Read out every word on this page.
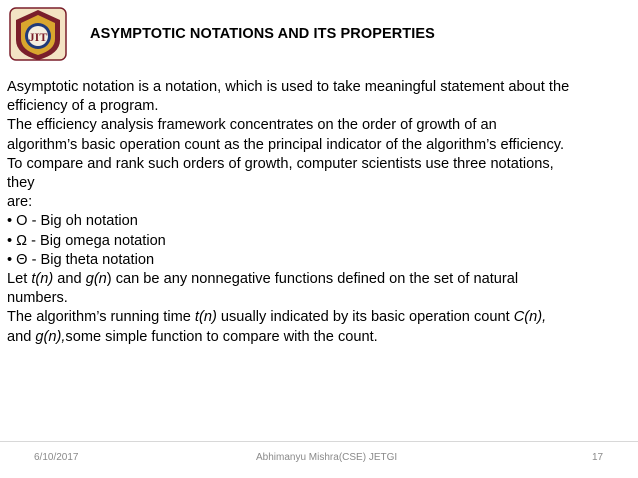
JIT	ASYMPTOTIC NOTATIONS AND ITS PROPERTIES

Asymptotic notation is a notation, which is used to take meaningful statement about the

efficiency of a program.

The efficiency analysis framework concentrates on the order of growth of an

algorithm’s basic operation count as the principal indicator of the algorithm’s efficiency.

To compare and rank such orders of growth, computer scientists use three notations,

they

are:

• O - Big oh notation

• Ω - Big omega notation

• Θ - Big theta notation

Let t(n) and g(n) can be any nonnegative functions defined on the set of natural

numbers.

The algorithm’s running time t(n) usually indicated by its basic operation count C(n),

and g(n),some simple function to compare with the count.

6/10/2017	Abhimanyu Mishra(CSE) JETGI	17
